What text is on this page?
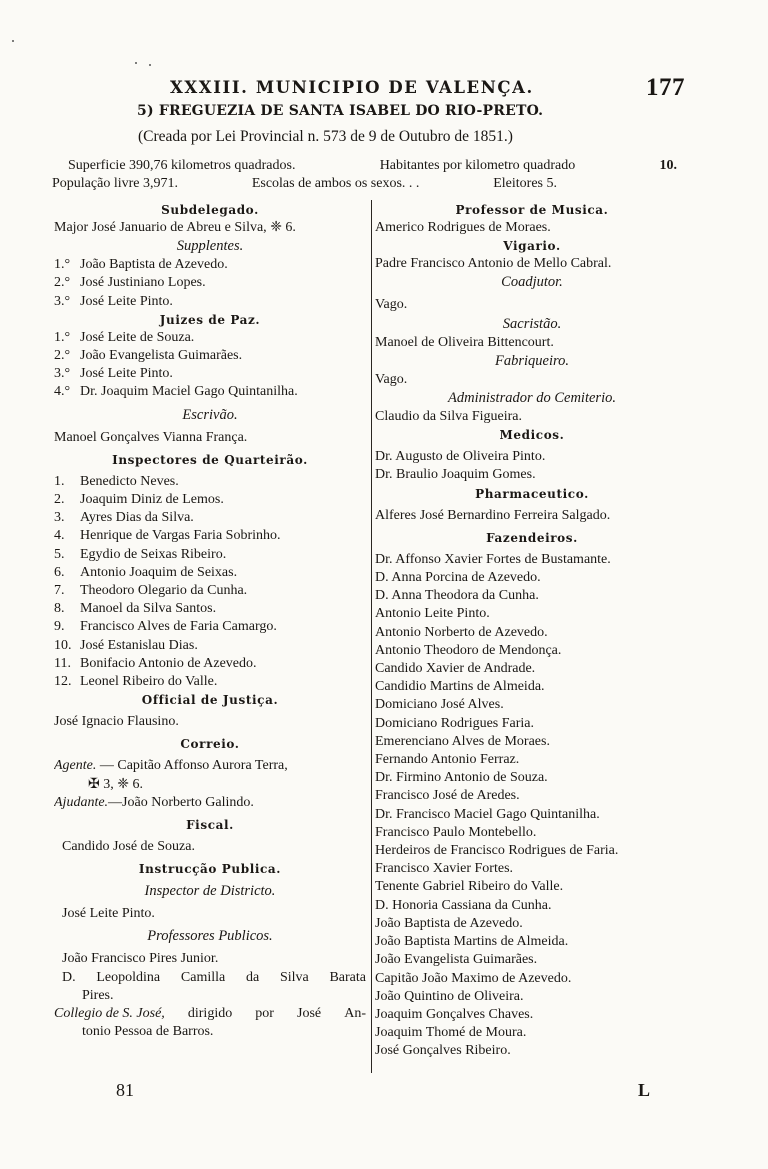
XXXIII. MUNICIPIO DE VALENÇA.	177
5) FREGUEZIA DE SANTA ISABEL DO RIO-PRETO.
(Creada por Lei Provincial n. 573 de 9 de Outubro de 1851.)
Superficie 390,76 kilometros quadrados.	Habitantes por kilometro quadrado	10.
População livre 3,971.	Escolas de ambos os sexos. . .	Eleitores 5.
Subdelegado.
Major José Januario de Abreu e Silva, ❈ 6.
Supplentes.
1.° João Baptista de Azevedo.
2.° José Justiniano Lopes.
3.° José Leite Pinto.
Juizes de Paz.
1.° José Leite de Souza.
2.° João Evangelista Guimarães.
3.° José Leite Pinto.
4.° Dr. Joaquim Maciel Gago Quintanilha.
Escrivão.
Manoel Gonçalves Vianna França.
Inspectores de Quarteirão.
1. Benedicto Neves.
2. Joaquim Diniz de Lemos.
3. Ayres Dias da Silva.
4. Henrique de Vargas Faria Sobrinho.
5. Egydio de Seixas Ribeiro.
6. Antonio Joaquim de Seixas.
7. Theodoro Olegario da Cunha.
8. Manoel da Silva Santos.
9. Francisco Alves de Faria Camargo.
10. José Estanislau Dias.
11. Bonifacio Antonio de Azevedo.
12. Leonel Ribeiro do Valle.
Official de Justiça.
José Ignacio Flausino.
Correio.
Agente. — Capitão Affonso Aurora Terra,
✠ 3, ❈ 6.
Ajudante.—João Norberto Galindo.
Fiscal.
Candido José de Souza.
Instrucção Publica.
Inspector de Districto.
José Leite Pinto.
Professores Publicos.
João Francisco Pires Junior.
D. Leopoldina Camilla da Silva Barata
Pires.
Collegio de S. José, dirigido por José An-
tonio Pessoa de Barros.
Professor de Musica.
Americo Rodrigues de Moraes.
Vigario.
Padre Francisco Antonio de Mello Cabral.
Coadjutor.
Vago.
Sacristão.
Manoel de Oliveira Bittencourt.
Fabriqueiro.
Vago.
Administrador do Cemiterio.
Claudio da Silva Figueira.
Medicos.
Dr. Augusto de Oliveira Pinto.
Dr. Braulio Joaquim Gomes.
Pharmaceutico.
Alferes José Bernardino Ferreira Salgado.
Fazendeiros.
Dr. Affonso Xavier Fortes de Bustamante.
D. Anna Porcina de Azevedo.
D. Anna Theodora da Cunha.
Antonio Leite Pinto.
Antonio Norberto de Azevedo.
Antonio Theodoro de Mendonça.
Candido Xavier de Andrade.
Candidio Martins de Almeida.
Domiciano José Alves.
Domiciano Rodrigues Faria.
Emerenciano Alves de Moraes.
Fernando Antonio Ferraz.
Dr. Firmino Antonio de Souza.
Francisco José de Aredes.
Dr. Francisco Maciel Gago Quintanilha.
Francisco Paulo Montebello.
Herdeiros de Francisco Rodrigues de Faria.
Francisco Xavier Fortes.
Tenente Gabriel Ribeiro do Valle.
D. Honoria Cassiana da Cunha.
João Baptista de Azevedo.
João Baptista Martins de Almeida.
João Evangelista Guimarães.
Capitão João Maximo de Azevedo.
João Quintino de Oliveira.
Joaquim Gonçalves Chaves.
Joaquim Thomé de Moura.
José Gonçalves Ribeiro.
81	L
